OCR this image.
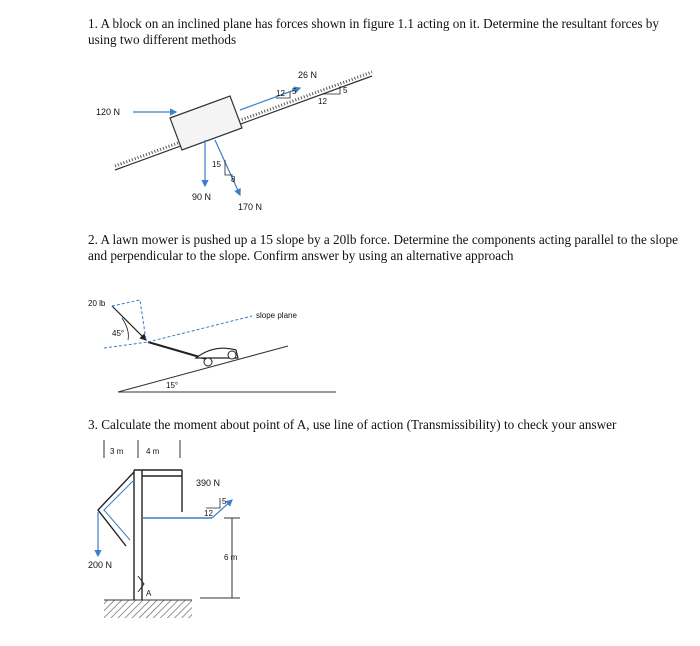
1. A block on an inclined plane has forces shown in figure 1.1 acting on it. Determine the resultant forces by using two different methods

2. A lawn mower is pushed up a 15 slope by a 20lb force. Determine the components acting parallel to the slope and perpendicular to the slope. Confirm answer by using an alternative approach

3. Calculate the moment about point of A, use line of action (Transmissibility) to check your answer

120 N
26 N
12 5
12
5
90 N
170 N
15
8
15°
slope plane
20 lb
45°
3 m	4 m
200 N
390 N
5
12
6 m
A
